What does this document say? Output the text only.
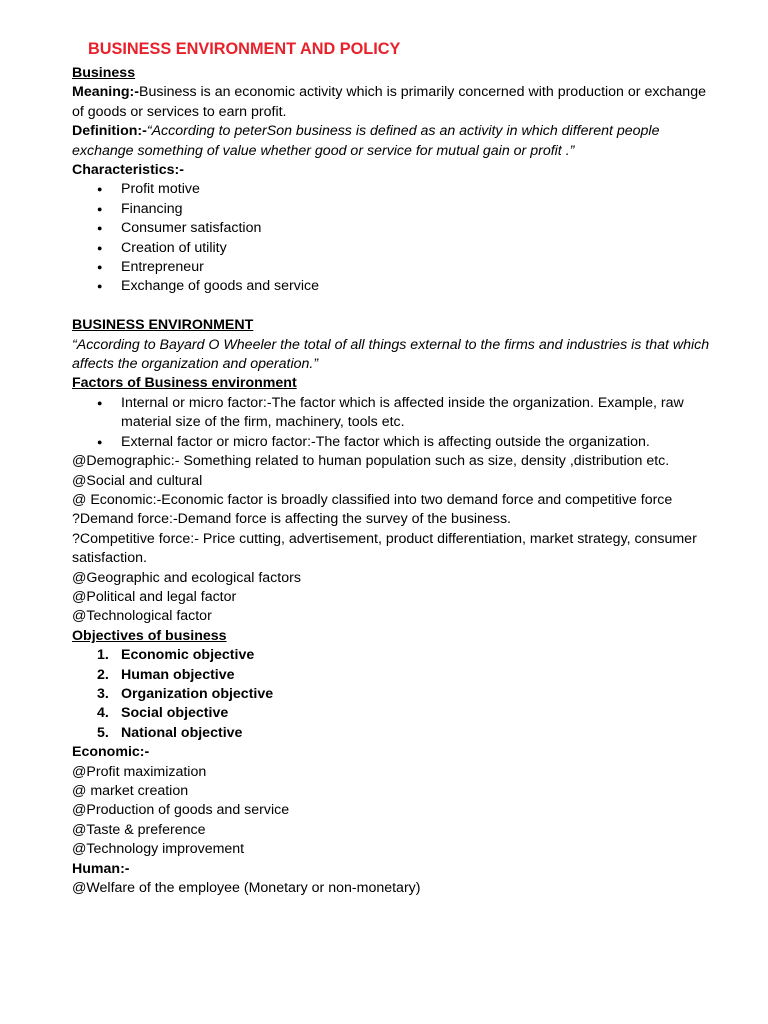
BUSINESS ENVIRONMENT AND POLICY
Business

Meaning:-Business is an economic activity which is primarily concerned with production or exchange of goods or services to earn profit.

Definition:-“According to peterSon business is defined as an activity in which different people exchange something of value whether good or service for mutual gain or profit .”

Characteristics:-
● Profit motive
● Financing
● Consumer satisfaction
● Creation of utility
● Entrepreneur
● Exchange of goods and service
BUSINESS ENVIRONMENT

“According to Bayard O Wheeler the total of all things external to the firms and industries is that which affects the organization and operation.”

Factors of Business environment
● Internal or micro factor:-The factor which is affected inside the organization. Example, raw material size of the firm, machinery, tools etc.
● External factor or micro factor:-The factor which is affecting outside the organization.

@Demographic:- Something related to human population such as size, density ,distribution etc.

@Social and cultural

@ Economic:-Economic factor is broadly classified into two demand force and competitive force

?Demand force:-Demand force is affecting the survey of the business.

?Competitive force:- Price cutting, advertisement, product differentiation, market strategy, consumer satisfaction.

@Geographic and ecological factors

@Political and legal factor

@Technological factor

Objectives of business
1. Economic objective
2. Human objective
3. Organization objective
4. Social objective
5. National objective
Economic:-

@Profit maximization

@ market creation

@Production of goods and service

@Taste & preference

@Technology improvement

Human:-

@Welfare of the employee (Monetary or non-monetary)
